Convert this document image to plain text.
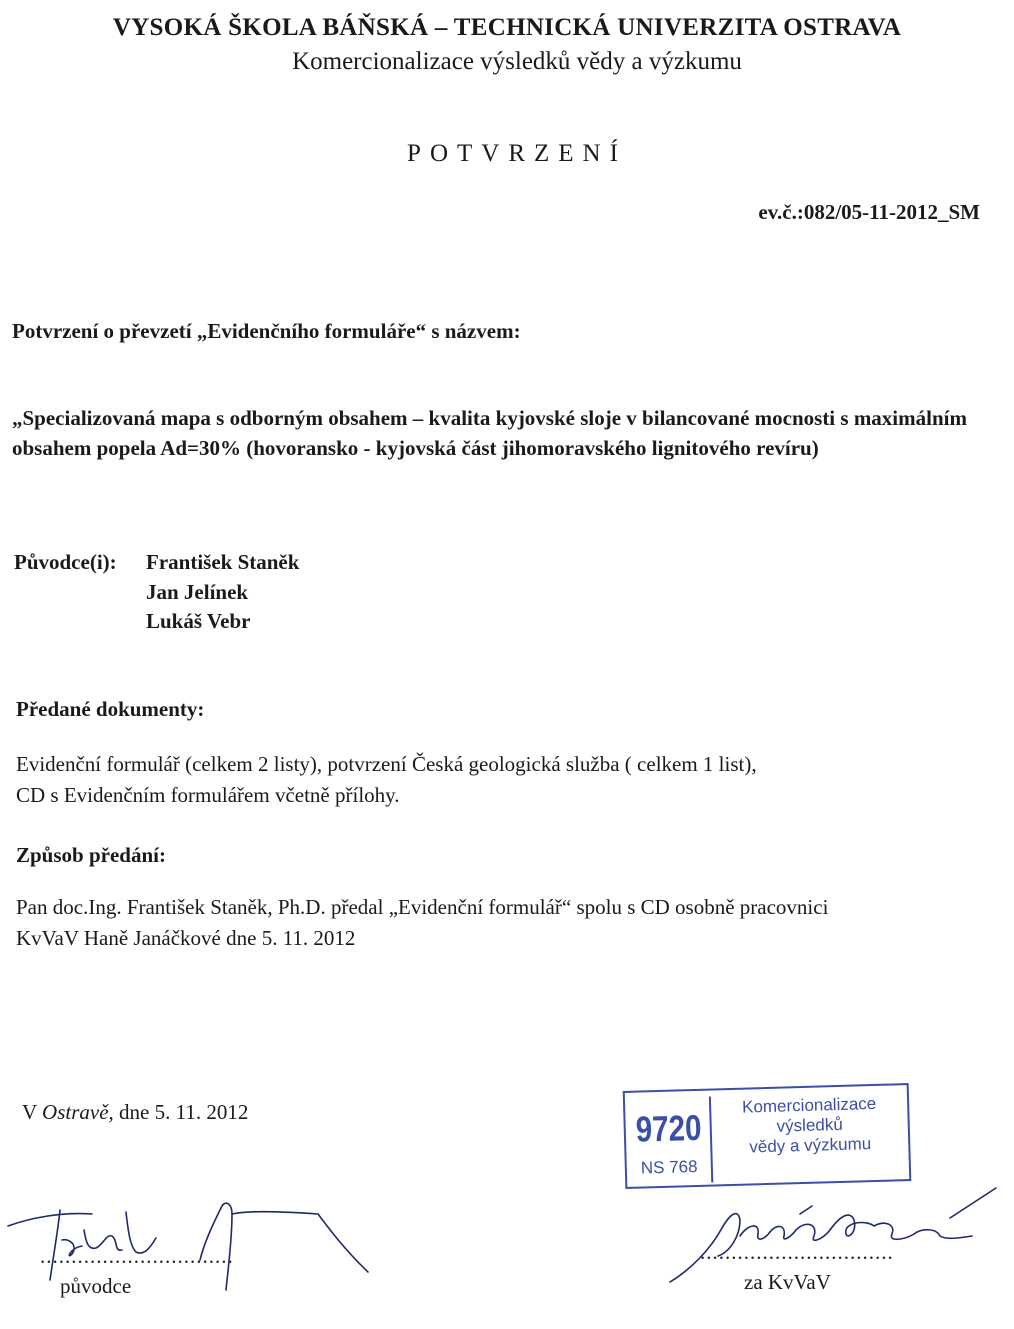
VYSOKÁ ŠKOLA BÁŇSKÁ – TECHNICKÁ UNIVERZITA OSTRAVA
Komercionalizace výsledků vědy a výzkumu
POTVRZENÍ
ev.č.:082/05-11-2012_SM
Potvrzení o převzetí „Evidenčního formuláře“ s názvem:
„Specializovaná mapa s odborným obsahem – kvalita kyjovské sloje v bilancované mocnosti s maximálním obsahem popela Ad=30% (hovoransko - kyjovská část jihomoravského lignitového revíru)
Původce(i): František Staněk
Jan Jelínek
Lukáš Vebr
Předané dokumenty:
Evidenční formulář (celkem 2 listy), potvrzení Česká geologická služba ( celkem 1 list),
CD s Evidenčním formulářem včetně přílohy.
Způsob předání:
Pan doc.Ing. František Staněk, Ph.D. předal „Evidenční formulář“ spolu s CD osobně pracovnici
KvVaV Haně Janáčkové dne 5. 11. 2012
V Ostravě, dne 5. 11. 2012	9720
NS 768
Komercionalizace
výsledků
vědy a výzkumu
...............................
původce
...............................
za KvVaV
